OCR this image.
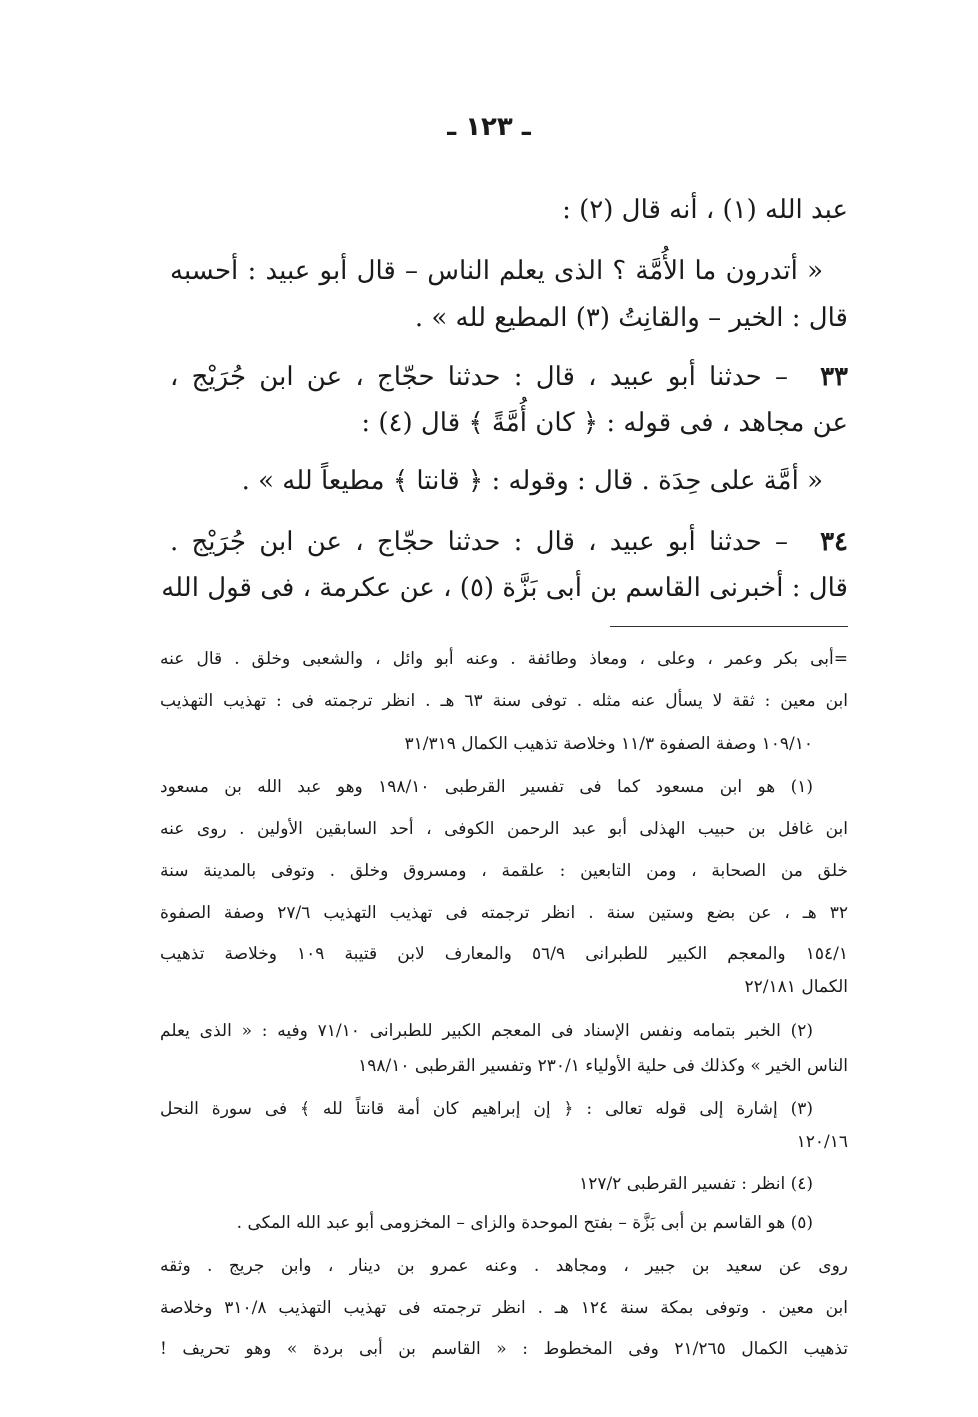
ـ ١٢٣ ـ
عبد الله (١) ، أنه قال (٢) :
« أتدرون ما الأُمَّة ؟ الذى يعلم الناس – قال أبو عبيد : أحسبه
قال : الخير – والقانِتُ (٣) المطيع لله » .
– حدثنا أبو عبيد ، قال : حدثنا حجّاج ، عن ابن جُرَيْج ،	٣٣
عن مجاهد ، فى قوله : ﴿ كان أُمَّةً ﴾ قال (٤) :
« أمَّة على حِدَة . قال : وقوله : ﴿ قانتا ﴾ مطيعاً لله » .
– حدثنا أبو عبيد ، قال : حدثنا حجّاج ، عن ابن جُرَيْج .	٣٤
قال : أخبرنى القاسم بن أبى بَزَّة (٥) ، عن عكرمة ، فى قول الله
=أبى بكر وعمر ، وعلى ، ومعاذ وطائفة . وعنه أبو وائل ، والشعبى وخلق . قال عنه
ابن معين : ثقة لا يسأل عنه مثله . توفى سنة ٦٣ هـ . انظر ترجمته فى : تهذيب التهذيب
١٠٩/١٠ وصفة الصفوة ١١/٣ وخلاصة تذهيب الكمال ٣١/٣١٩
(١) هو ابن مسعود كما فى تفسير القرطبى ١٩٨/١٠ وهو عبد الله بن مسعود
ابن غافل بن حبيب الهذلى أبو عبد الرحمن الكوفى ، أحد السابقين الأولين . روى عنه
خلق من الصحابة ، ومن التابعين : علقمة ، ومسروق وخلق . وتوفى بالمدينة سنة
٣٢ هـ ، عن بضع وستين سنة . انظر ترجمته فى تهذيب التهذيب ٢٧/٦ وصفة الصفوة
١٥٤/١ والمعجم الكبير للطبرانى ٥٦/٩ والمعارف لابن قتيبة ١٠٩ وخلاصة تذهيب
الكمال ٢٢/١٨١
(٢) الخبر بتمامه ونفس الإسناد فى المعجم الكبير للطبرانى ٧١/١٠ وفيه : « الذى يعلم
الناس الخير » وكذلك فى حلية الأولياء ٢٣٠/١ وتفسير القرطبى ١٩٨/١٠
(٣) إشارة إلى قوله تعالى : ﴿ إن إبراهيم كان أمة قانتاً لله ﴾ فى سورة النحل
١٢٠/١٦
(٤) انظر : تفسير القرطبى ١٢٧/٢
(٥) هو القاسم بن أبى بَزَّة – بفتح الموحدة والزاى – المخزومى أبو عبد الله المكى .
روى عن سعيد بن جبير ، ومجاهد . وعنه عمرو بن دينار ، وابن جريج . وثقه
ابن معين . وتوفى بمكة سنة ١٢٤ هـ . انظر ترجمته فى تهذيب التهذيب ٣١٠/٨ وخلاصة
تذهيب الكمال ٢١/٢٦٥ وفى المخطوط : « القاسم بن أبى بردة » وهو تحريف !
